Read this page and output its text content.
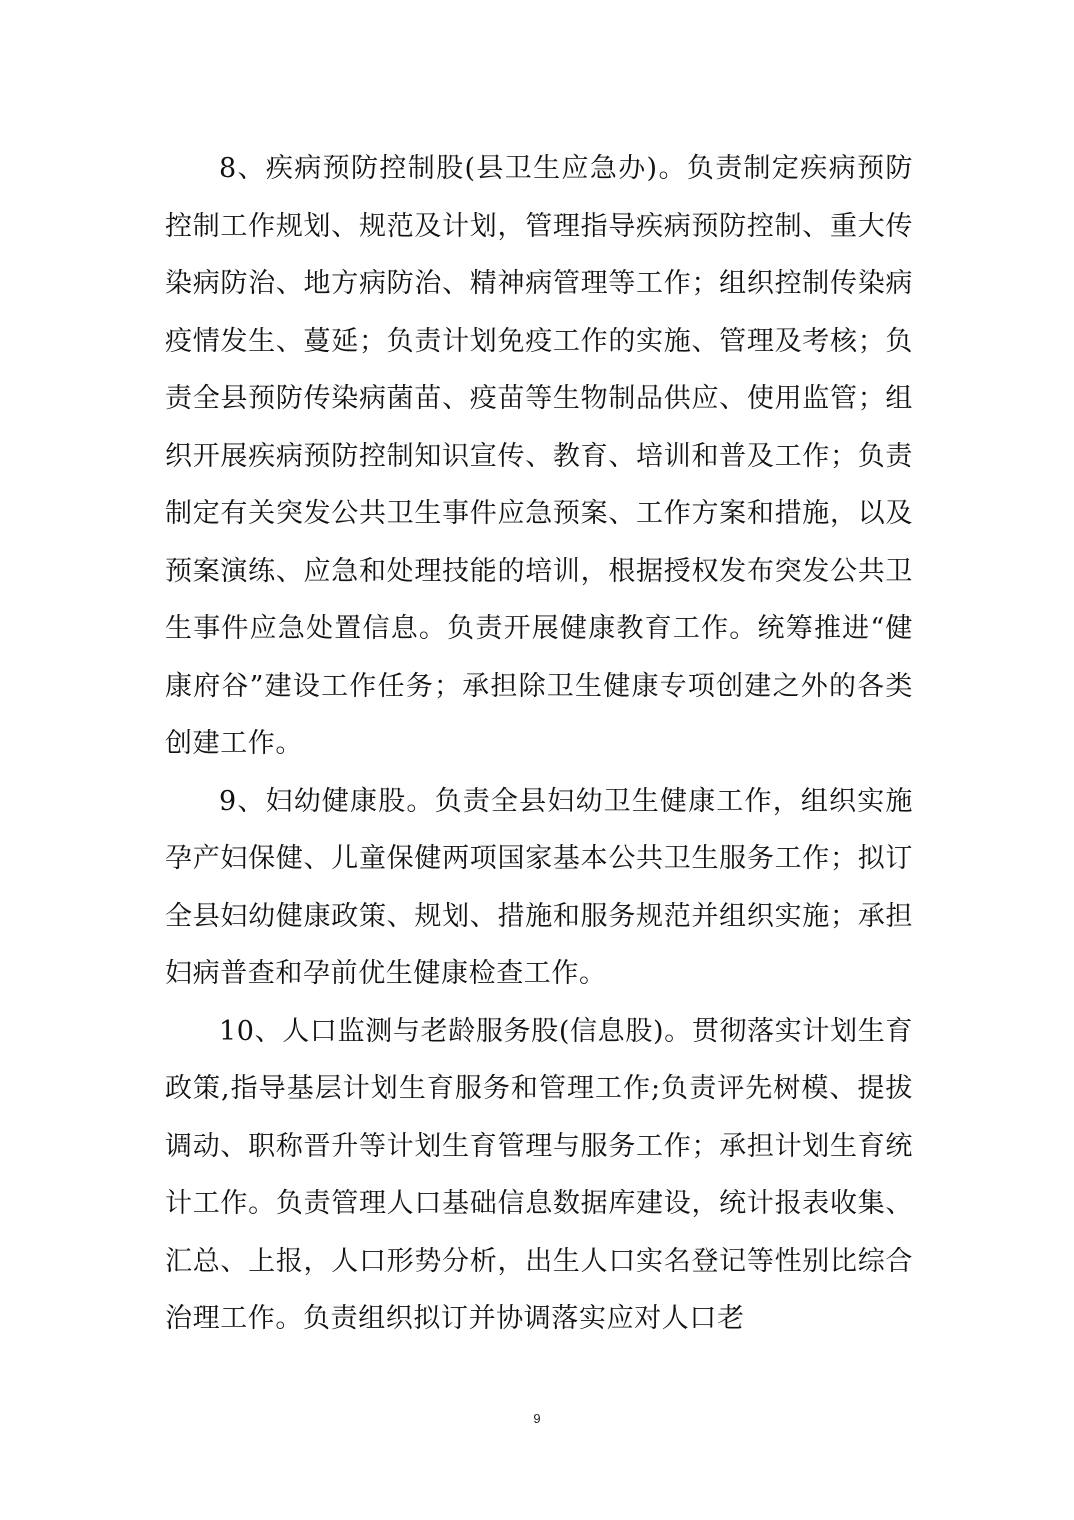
8、疾病预防控制股(县卫生应急办)。负责制定疾病预防控制工作规划、规范及计划，管理指导疾病预防控制、重大传染病防治、地方病防治、精神病管理等工作；组织控制传染病疫情发生、蔓延；负责计划免疫工作的实施、管理及考核；负责全县预防传染病菌苗、疫苗等生物制品供应、使用监管；组织开展疾病预防控制知识宣传、教育、培训和普及工作；负责制定有关突发公共卫生事件应急预案、工作方案和措施，以及预案演练、应急和处理技能的培训，根据授权发布突发公共卫生事件应急处置信息。负责开展健康教育工作。统筹推进“健康府谷”建设工作任务；承担除卫生健康专项创建之外的各类创建工作。

9、妇幼健康股。负责全县妇幼卫生健康工作，组织实施孕产妇保健、儿童保健两项国家基本公共卫生服务工作；拟订全县妇幼健康政策、规划、措施和服务规范并组织实施；承担妇病普查和孕前优生健康检查工作。

10、人口监测与老龄服务股(信息股)。贯彻落实计划生育政策,指导基层计划生育服务和管理工作;负责评先树模、提拔调动、职称晋升等计划生育管理与服务工作；承担计划生育统计工作。负责管理人口基础信息数据库建设，统计报表收集、汇总、上报，人口形势分析，出生人口实名登记等性别比综合治理工作。负责组织拟订并协调落实应对人口老

9
